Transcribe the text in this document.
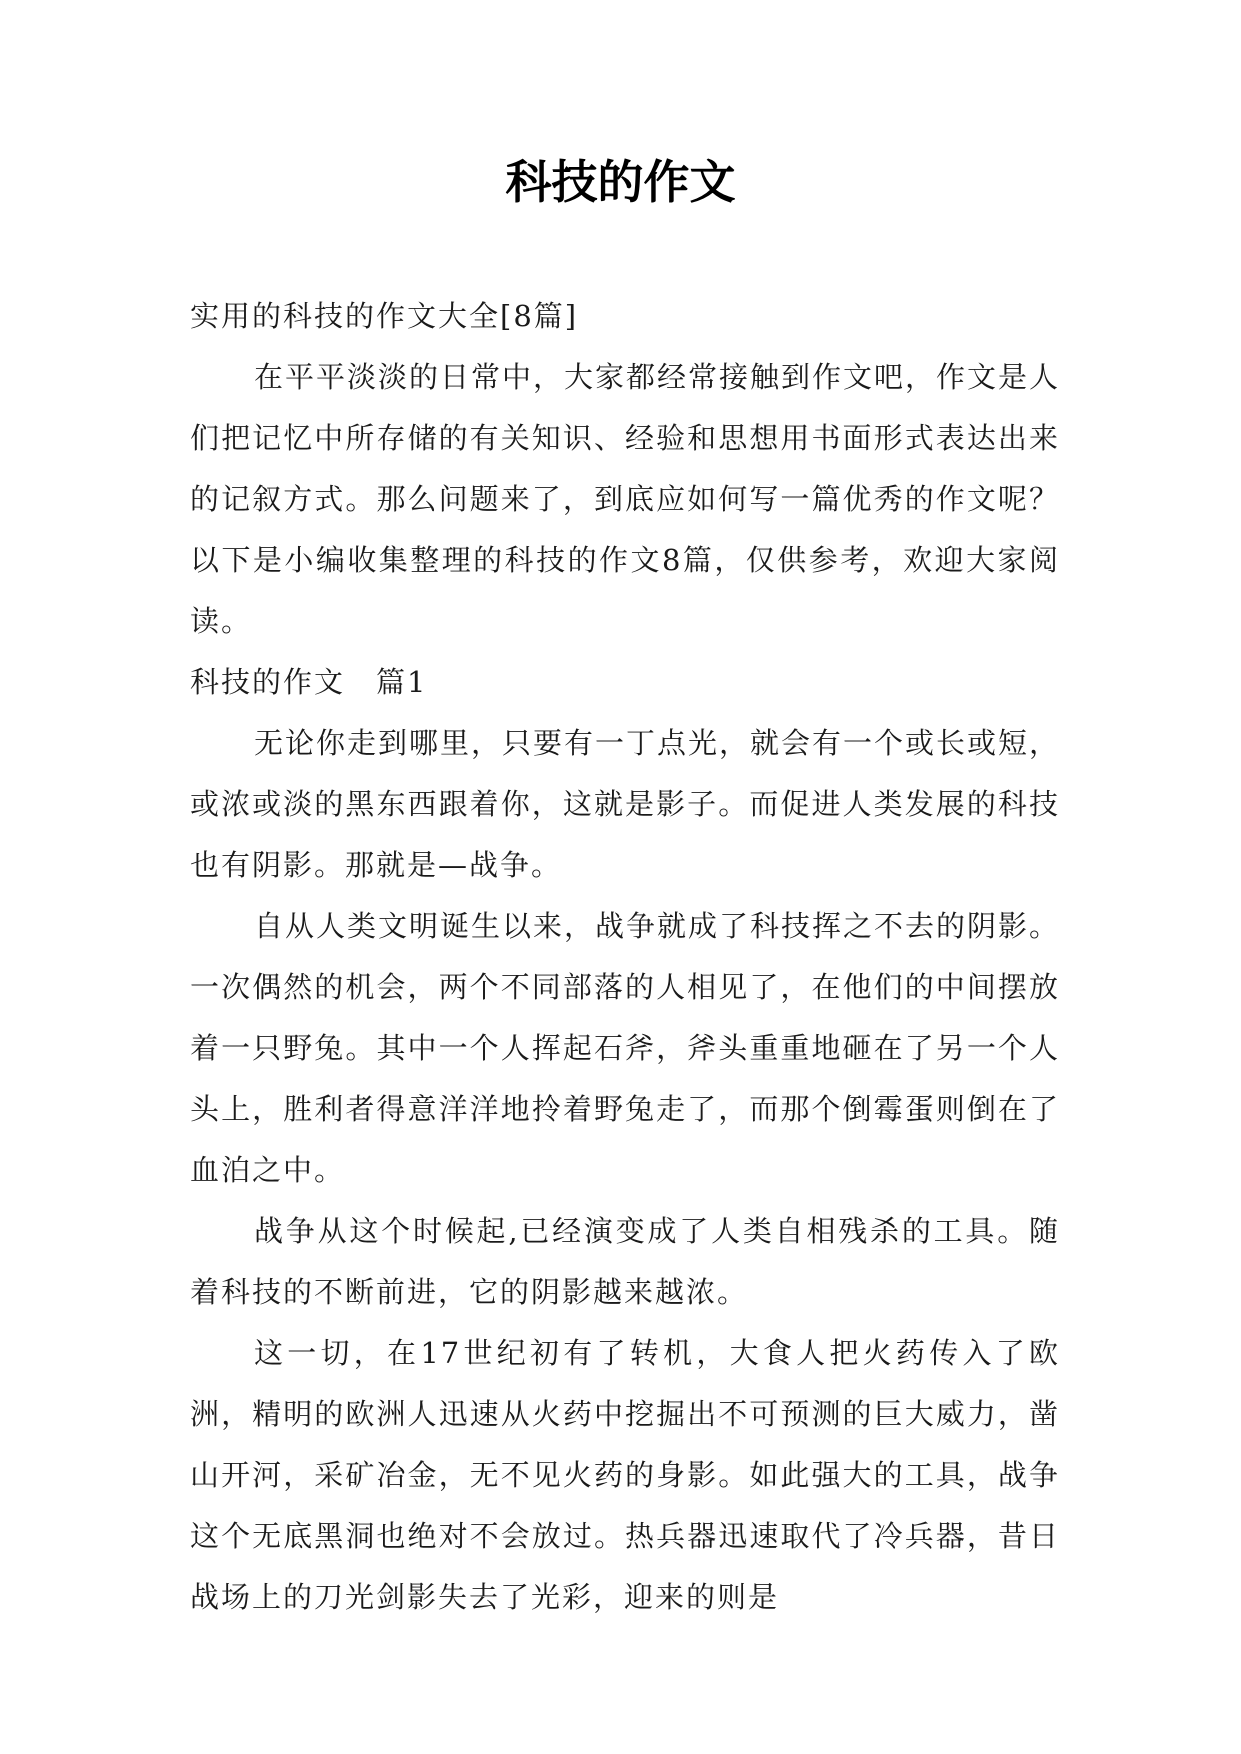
科技的作文

实用的科技的作文大全[8篇]

在平平淡淡的日常中，大家都经常接触到作文吧，作文是人们把记忆中所存储的有关知识、经验和思想用书面形式表达出来的记叙方式。那么问题来了，到底应如何写一篇优秀的作文呢？以下是小编收集整理的科技的作文8篇，仅供参考，欢迎大家阅读。

科技的作文　篇1

无论你走到哪里，只要有一丁点光，就会有一个或长或短，或浓或淡的黑东西跟着你，这就是影子。而促进人类发展的科技也有阴影。那就是—战争。

自从人类文明诞生以来，战争就成了科技挥之不去的阴影。一次偶然的机会，两个不同部落的人相见了，在他们的中间摆放着一只野兔。其中一个人挥起石斧，斧头重重地砸在了另一个人头上，胜利者得意洋洋地拎着野兔走了，而那个倒霉蛋则倒在了血泊之中。

战争从这个时候起,已经演变成了人类自相残杀的工具。随着科技的不断前进，它的阴影越来越浓。

这一切，在17世纪初有了转机，大食人把火药传入了欧洲，精明的欧洲人迅速从火药中挖掘出不可预测的巨大威力，凿山开河，采矿冶金，无不见火药的身影。如此强大的工具，战争这个无底黑洞也绝对不会放过。热兵器迅速取代了冷兵器，昔日战场上的刀光剑影失去了光彩，迎来的则是
